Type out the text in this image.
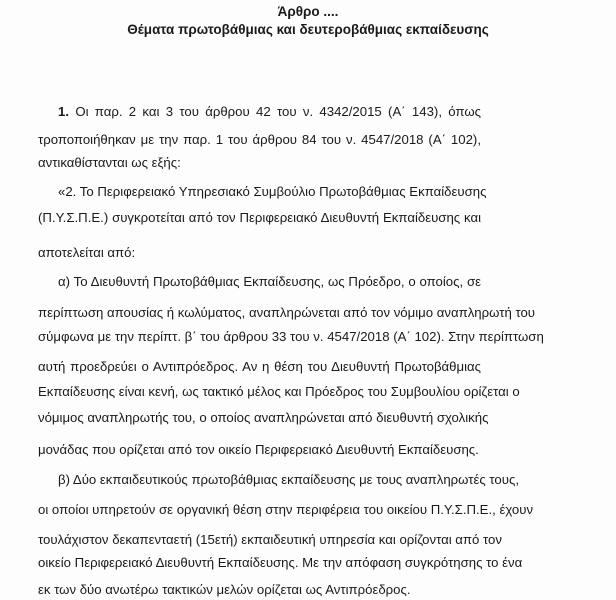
Άρθρο ....
Θέματα πρωτοβάθμιας και δευτεροβάθμιας εκπαίδευσης
1. Οι παρ. 2 και 3 του άρθρου 42 του ν. 4342/2015 (Α΄ 143), όπως
τροποποιήθηκαν με την παρ. 1 του άρθρου 84 του ν. 4547/2018 (Α΄ 102),
αντικαθίστανται ως εξής:
«2. Το Περιφερειακό Υπηρεσιακό Συμβούλιο Πρωτοβάθμιας Εκπαίδευσης
(Π.Υ.Σ.Π.Ε.) συγκροτείται από τον Περιφερειακό Διευθυντή Εκπαίδευσης και
αποτελείται από:
α) Το Διευθυντή Πρωτοβάθμιας Εκπαίδευσης, ως Πρόεδρο, ο οποίος, σε
περίπτωση απουσίας ή κωλύματος, αναπληρώνεται από τον νόμιμο αναπληρωτή του
σύμφωνα με την περίπτ. β΄ του άρθρου 33 του ν. 4547/2018 (Α΄ 102). Στην περίπτωση
αυτή προεδρεύει ο Αντιπρόεδρος. Αν η θέση του Διευθυντή Πρωτοβάθμιας
Εκπαίδευσης είναι κενή, ως τακτικό μέλος και Πρόεδρος του Συμβουλίου ορίζεται ο
νόμιμος αναπληρωτής του, ο οποίος αναπληρώνεται από διευθυντή σχολικής
μονάδας που ορίζεται από τον οικείο Περιφερειακό Διευθυντή Εκπαίδευσης.
β) Δύο εκπαιδευτικούς πρωτοβάθμιας εκπαίδευσης με τους αναπληρωτές τους,
οι οποίοι υπηρετούν σε οργανική θέση στην περιφέρεια του οικείου Π.Υ.Σ.Π.Ε., έχουν
τουλάχιστον δεκαπενταετή (15ετή) εκπαιδευτική υπηρεσία και ορίζονται από τον
οικείο Περιφερειακό Διευθυντή Εκπαίδευσης. Με την απόφαση συγκρότησης το ένα
εκ των δύο ανωτέρω τακτικών μελών ορίζεται ως Αντιπρόεδρος.
